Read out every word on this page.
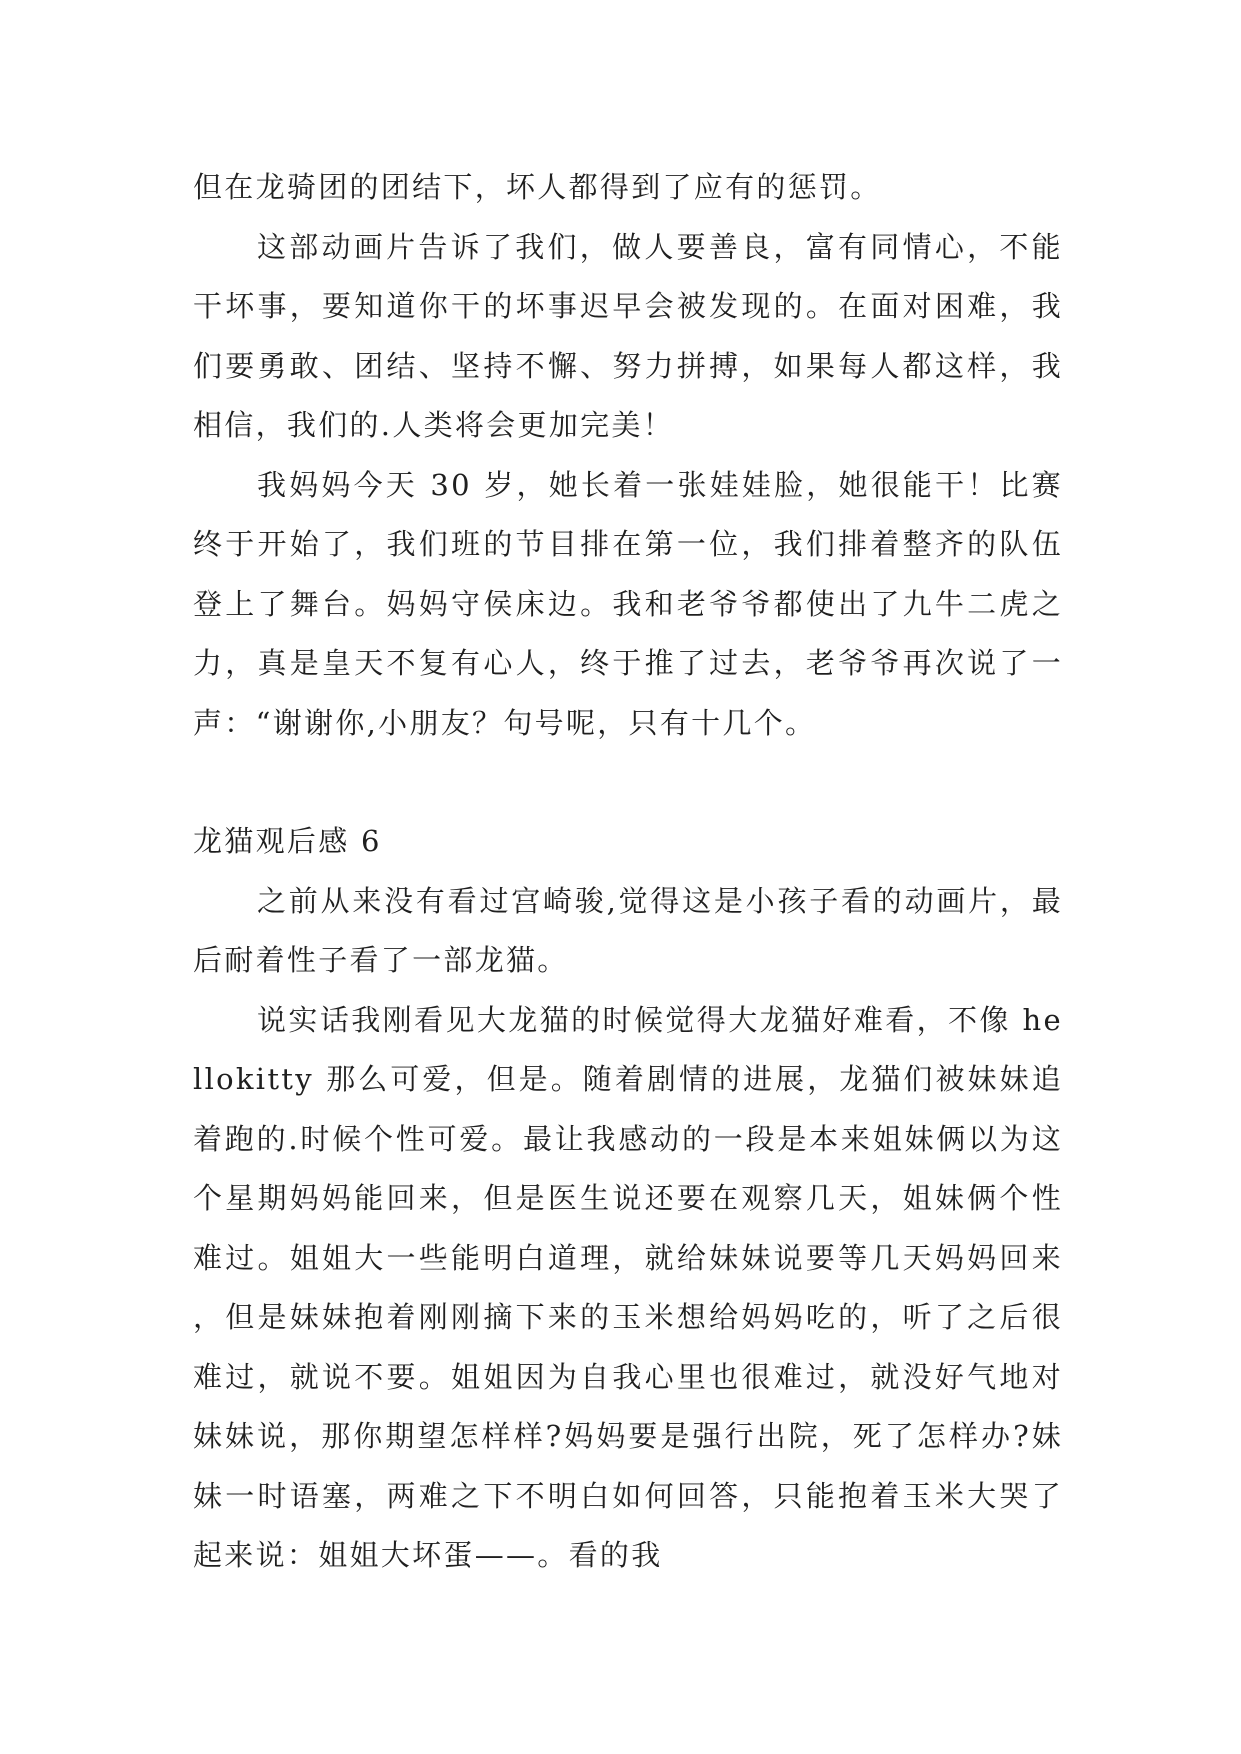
但在龙骑团的团结下，坏人都得到了应有的惩罚。

这部动画片告诉了我们，做人要善良，富有同情心，不能干坏事，要知道你干的坏事迟早会被发现的。在面对困难，我们要勇敢、团结、坚持不懈、努力拼搏，如果每人都这样，我相信，我们的.人类将会更加完美！

我妈妈今天 30 岁，她长着一张娃娃脸，她很能干！比赛终于开始了，我们班的节目排在第一位，我们排着整齐的队伍登上了舞台。妈妈守侯床边。我和老爷爷都使出了九牛二虎之力，真是皇天不复有心人，终于推了过去，老爷爷再次说了一声：“谢谢你,小朋友？句号呢，只有十几个。

龙猫观后感 6

之前从来没有看过宫崎骏,觉得这是小孩子看的动画片，最后耐着性子看了一部龙猫。

说实话我刚看见大龙猫的时候觉得大龙猫好难看，不像 hellokitty 那么可爱，但是。随着剧情的进展，龙猫们被妹妹追着跑的.时候个性可爱。最让我感动的一段是本来姐妹俩以为这个星期妈妈能回来，但是医生说还要在观察几天，姐妹俩个性难过。姐姐大一些能明白道理，就给妹妹说要等几天妈妈回来，但是妹妹抱着刚刚摘下来的玉米想给妈妈吃的，听了之后很难过，就说不要。姐姐因为自我心里也很难过，就没好气地对妹妹说，那你期望怎样样?妈妈要是强行出院，死了怎样办?妹妹一时语塞，两难之下不明白如何回答，只能抱着玉米大哭了起来说：姐姐大坏蛋——。看的我
